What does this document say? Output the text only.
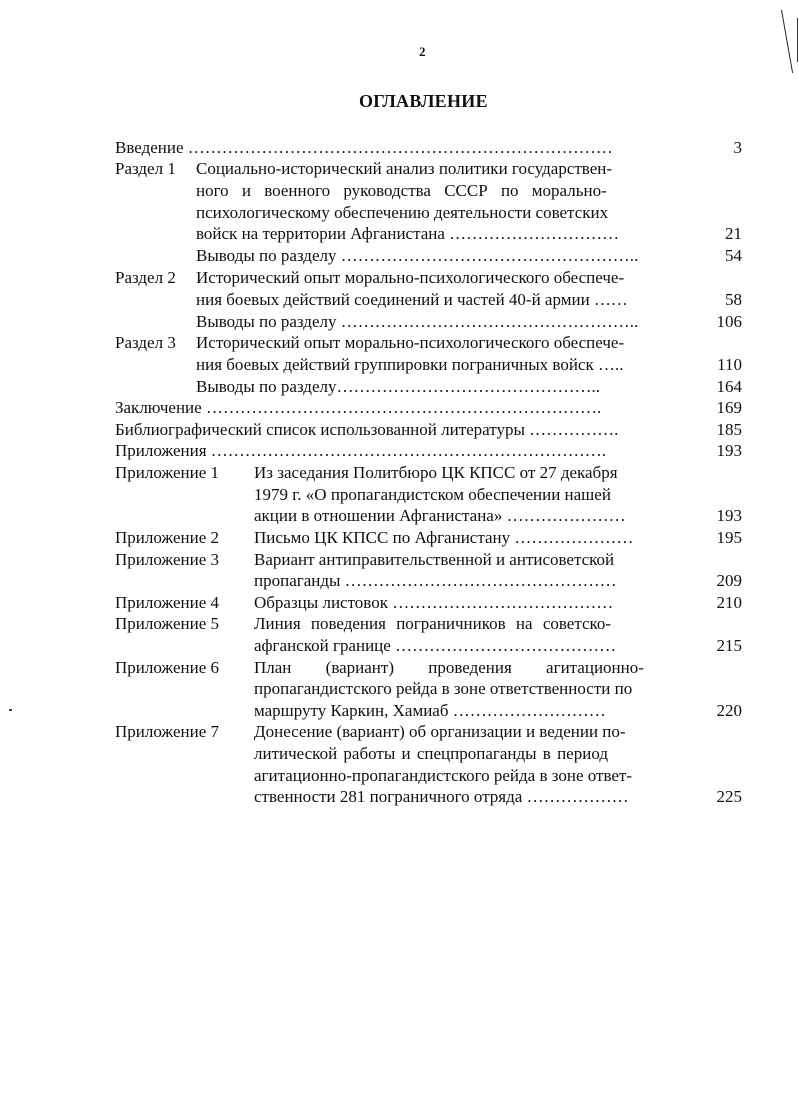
2
ОГЛАВЛЕНИЕ
Введение …………………………………………………………………	3
Раздел 1 Социально-исторический анализ политики государствен-
ного и военного руководства СССР по морально-
психологическому обеспечению деятельности советских
войск на территории Афганистана …………………………	21
Выводы по разделу ……………………………………………..	54
Раздел 2 Исторический опыт морально-психологического обеспече-
ния боевых действий соединений и частей 40-й армии ……	58
Выводы по разделу ……………………………………………..	106
Раздел 3 Исторический опыт морально-психологического обеспече-
ния боевых действий группировки пограничных войск …..	110
Выводы по разделу………………………………………..	164
Заключение …………………………………………………………….	169
Библиографический список использованной литературы …………….	185
Приложения …………………………………………………………….	193
Приложение 1 Из заседания Политбюро ЦК КПСС от 27 декабря
1979 г. «О пропагандистском обеспечении нашей
акции в отношении Афганистана» …………………	193
Приложение 2 Письмо ЦК КПСС по Афганистану …………………	195
Приложение 3 Вариант антиправительственной и антисоветской
пропаганды …………………………………………	209
Приложение 4 Образцы листовок …………………………………	210
Приложение 5 Линия поведения пограничников на советско-
афганской границе …………………………………	215
Приложение 6 План (вариант) проведения агитационно-
пропагандистского рейда в зоне ответственности по
маршруту Каркин, Хамиаб ………………………	220
Приложение 7 Донесение (вариант) об организации и ведении по-
литической работы и спецпропаганды в период
агитационно-пропагандистского рейда в зоне ответ-
ственности 281 пограничного отряда ………………	225
